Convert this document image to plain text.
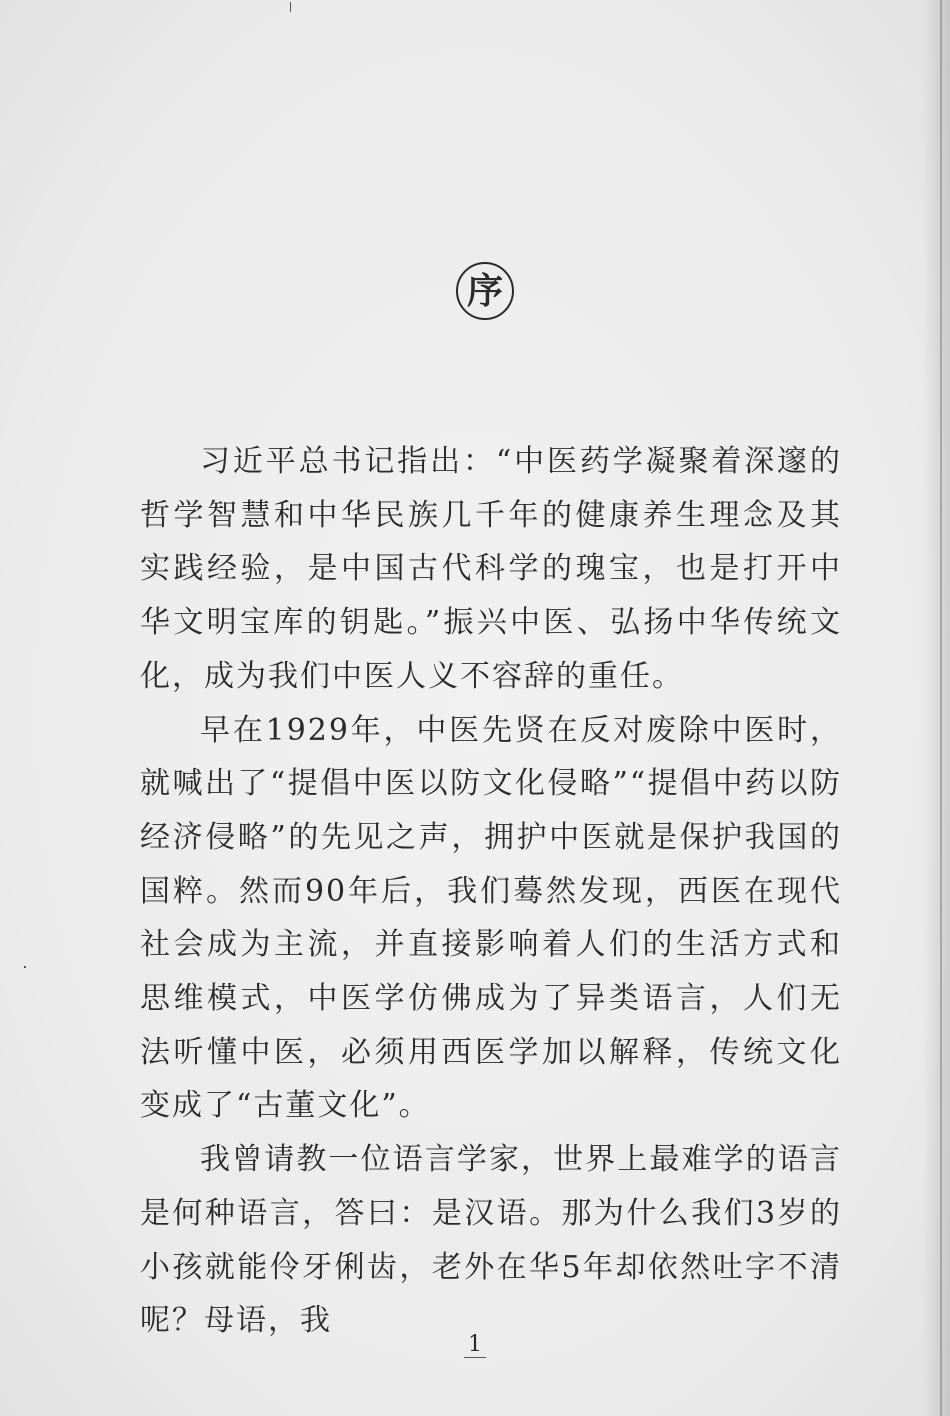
序

习近平总书记指出：“中医药学凝聚着深邃的哲学智慧和中华民族几千年的健康养生理念及其实践经验，是中国古代科学的瑰宝，也是打开中华文明宝库的钥匙。”振兴中医、弘扬中华传统文化，成为我们中医人义不容辞的重任。

早在1929年，中医先贤在反对废除中医时，就喊出了“提倡中医以防文化侵略”“提倡中药以防经济侵略”的先见之声，拥护中医就是保护我国的国粹。然而90年后，我们蓦然发现，西医在现代社会成为主流，并直接影响着人们的生活方式和思维模式，中医学仿佛成为了异类语言，人们无法听懂中医，必须用西医学加以解释，传统文化变成了“古董文化”。

我曾请教一位语言学家，世界上最难学的语言是何种语言，答曰：是汉语。那为什么我们3岁的小孩就能伶牙俐齿，老外在华5年却依然吐字不清呢？母语，我

1
